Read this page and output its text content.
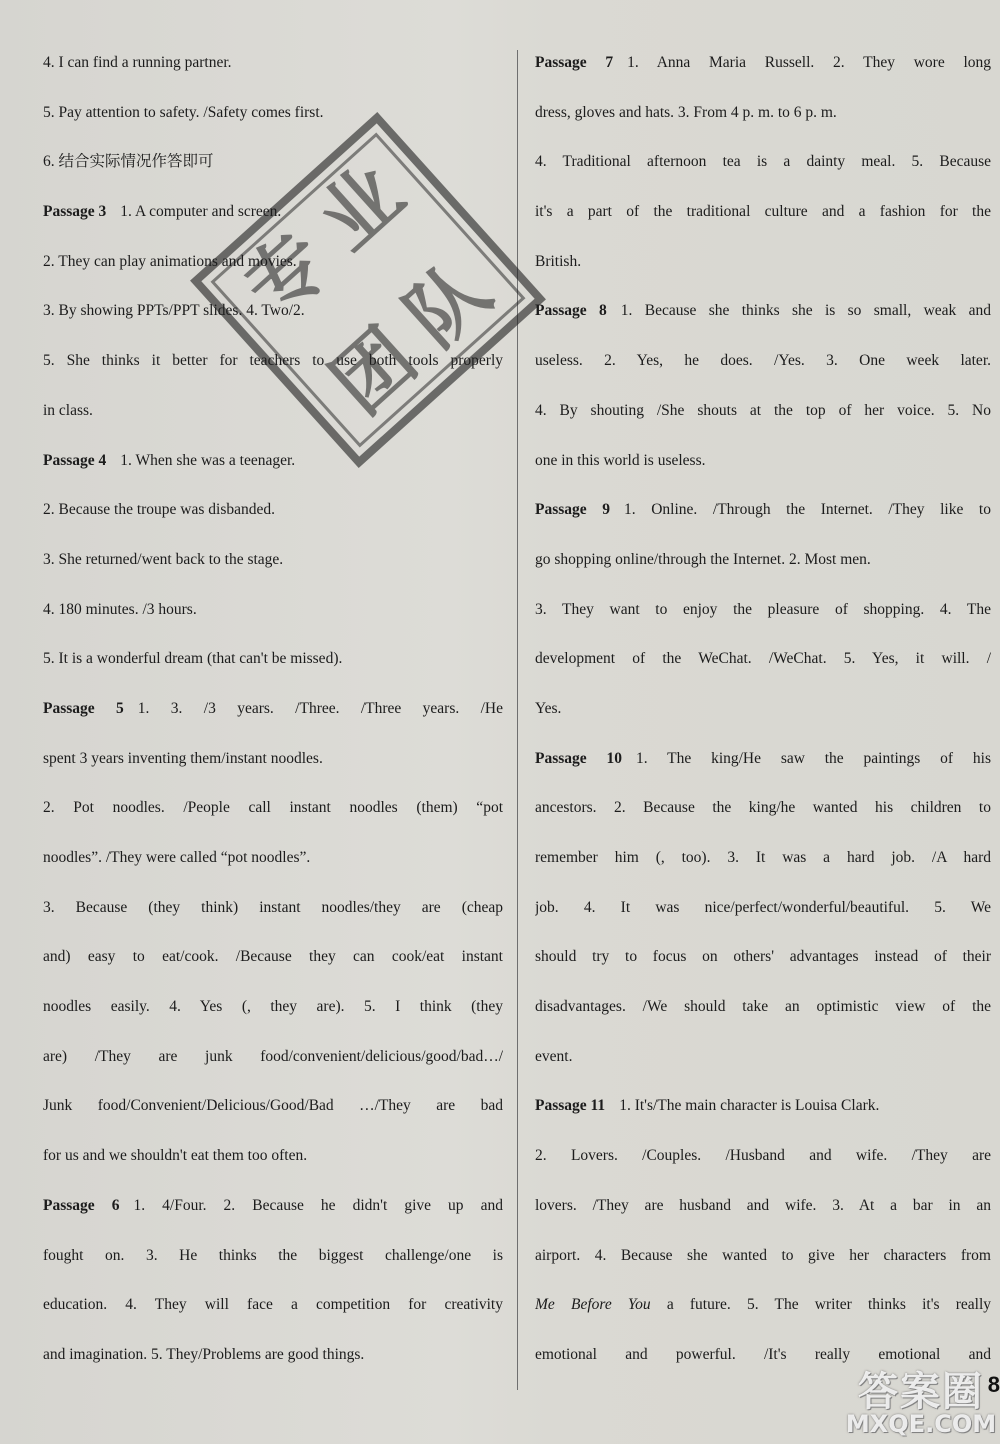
4. I can find a running partner.
5. Pay attention to safety. /Safety comes first.
6. 结合实际情况作答即可
Passage 3 1. A computer and screen.
2. They can play animations and movies.
3. By showing PPTs/PPT slides. 4. Two/2.
5. She thinks it better for teachers to use both tools properly
in class.
Passage 4 1. When she was a teenager.
2. Because the troupe was disbanded.
3. She returned/went back to the stage.
4. 180 minutes. /3 hours.
5. It is a wonderful dream (that can't be missed).
Passage 5 1. 3. /3 years. /Three. /Three years. /He
spent 3 years inventing them/instant noodles.
2. Pot noodles. /People call instant noodles (them) “pot
noodles”. /They were called “pot noodles”.
3. Because (they think) instant noodles/they are (cheap
and) easy to eat/cook. /Because they can cook/eat instant
noodles easily. 4. Yes (, they are). 5. I think (they
are) /They are junk food/convenient/delicious/good/bad…/
Junk food/Convenient/Delicious/Good/Bad …/They are bad
for us and we shouldn't eat them too often.
Passage 6 1. 4/Four. 2. Because he didn't give up and
fought on. 3. He thinks the biggest challenge/one is
education. 4. They will face a competition for creativity
and imagination. 5. They/Problems are good things.
Passage 7 1. Anna Maria Russell. 2. They wore long
dress, gloves and hats. 3. From 4 p. m. to 6 p. m.
4. Traditional afternoon tea is a dainty meal. 5. Because
it's a part of the traditional culture and a fashion for the
British.
Passage 8 1. Because she thinks she is so small, weak and
useless. 2. Yes, he does. /Yes. 3. One week later.
4. By shouting /She shouts at the top of her voice. 5. No
one in this world is useless.
Passage 9 1. Online. /Through the Internet. /They like to
go shopping online/through the Internet. 2. Most men.
3. They want to enjoy the pleasure of shopping. 4. The
development of the WeChat. /WeChat. 5. Yes, it will. /
Yes.
Passage 10 1. The king/He saw the paintings of his
ancestors. 2. Because the king/he wanted his children to
remember him (, too). 3. It was a hard job. /A hard
job. 4. It was nice/perfect/wonderful/beautiful. 5. We
should try to focus on others' advantages instead of their
disadvantages. /We should take an optimistic view of the
event.
Passage 11 1. It's/The main character is Louisa Clark.
2. Lovers. /Couples. /Husband and wife. /They are
lovers. /They are husband and wife. 3. At a bar in an
airport. 4. Because she wanted to give her characters from
Me Before You a future. 5. The writer thinks it's really
emotional and powerful. /It's really emotional and
专
业
团
队
8
答案圈
MXQE.COM
